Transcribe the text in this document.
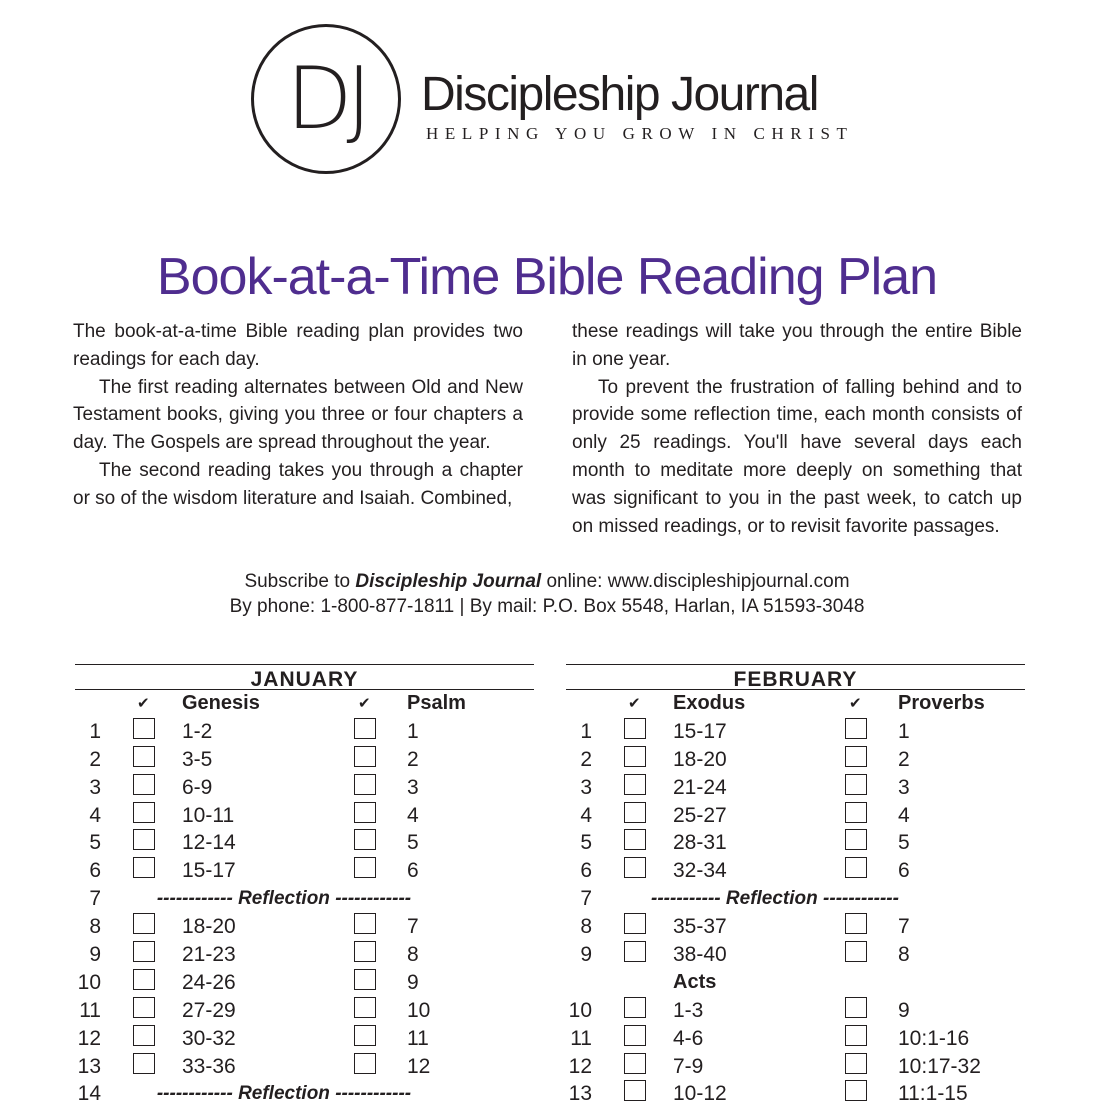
DJ	Discipleship Journal
HELPING YOU GROW IN CHRIST
Book-at-a-Time Bible Reading Plan

The book-at-a-time Bible reading plan provides two readings for each day.

The first reading alternates between Old and New Testament books, giving you three or four chapters a day. The Gospels are spread throughout the year.

The second reading takes you through a chapter or so of the wisdom literature and Isaiah. Combined,

these readings will take you through the entire Bible in one year.

To prevent the frustration of falling behind and to provide some reflection time, each month consists of only 25 readings. You'll have several days each month to meditate more deeply on something that was significant to you in the past week, to catch up on missed readings, or to revisit favorite passages.

Subscribe to Discipleship Journal online: www.discipleshipjournal.com
By phone: 1-800-877-1811 | By mail: P.O. Box 5548, Harlan, IA 51593-3048
JANUARY
✔ Genesis	✔ Psalm
1	1-2	1
2	3-5	2
3	6-9	3
4	10-11	4
5	12-14	5
6	15-17	6
7	------------ Reflection ------------
8	18-20	7
9	21-23	8
10	24-26	9
11	27-29	10
12	30-32	11
13	33-36	12
14	------------ Reflection ------------
FEBRUARY
✔ Exodus	✔ Proverbs
1	15-17	1
2	18-20	2
3	21-24	3
4	25-27	4
5	28-31	5
6	32-34	6
7	----------- Reflection ------------
8	35-37	7
9	38-40	8
Acts
10	1-3	9
11	4-6	10:1-16
12	7-9	10:17-32
13	10-12	11:1-15
